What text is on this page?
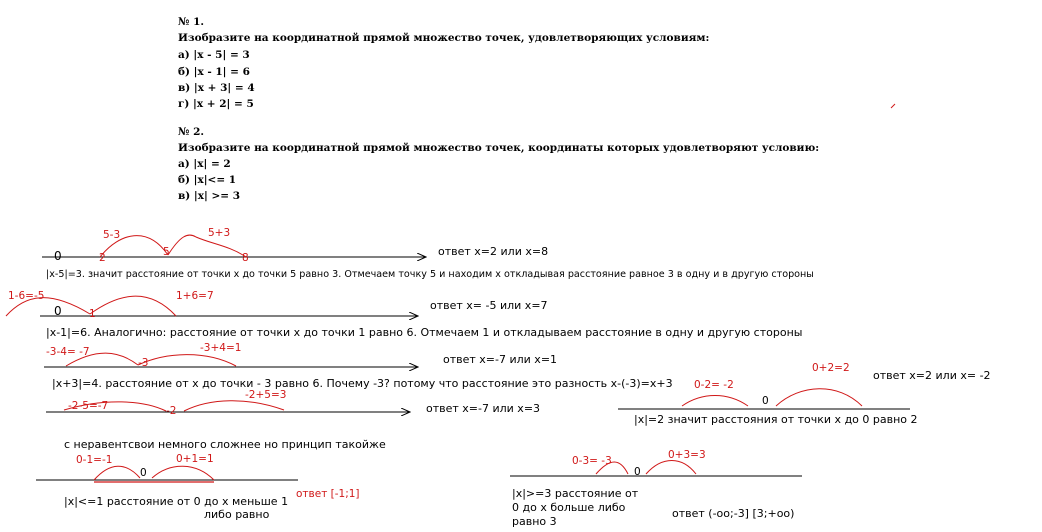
№ 1.
Изобразите на координатной прямой множество точек, удовлетворяющих условиям:
а) |x - 5| = 3
б) |x - 1| = 6
в) |x + 3| = 4
г) |x + 2| = 5
№ 2.
Изобразите на координатной прямой множество точек, координаты которых удовлетворяют условию:
а) |x| = 2
б) |x|<= 1
в) |x| >= 3
5-3	5+3
0	2	5	8	ответ х=2 или х=8
|x-5|=3. значит расстояние от точки х до точки 5 равно 3. Отмечаем точку 5 и находим х откладывая расстояние равное 3 в одну и в другую стороны
1-6=-5	1+6=7
0	1
ответ х= -5 или х=7
|x-1|=6. Аналогично: расстояние от точки х до точки 1 равно 6. Отмечаем 1 и откладываем расстояние в одну и другую стороны
-3-4= -7	-3+4=1
-3	ответ х=-7 или х=1
|x+3|=4. расстояние от х до точки - 3 равно 6. Почему -3? потому что расстояние это разность х-(-3)=х+3
-2-5=-7
-2+5=3
-2	ответ х=-7 или х=3
0-2= -2
0+2=2
0
ответ х=2 или х= -2
|x|=2 значит расстояния от точки х до 0 равно 2
с неравентсвои немного сложнее но принцип такойже
0-1=-1	0+1=1
0
ответ [-1;1]
|x|<=1 расстояние от 0 до х меньше 1
либо равно
0-3= -3	0+3=3
0
|x|>=3 расстояние от
0 до х больше либо
равно 3
ответ (-oo;-3] [3;+oo)
